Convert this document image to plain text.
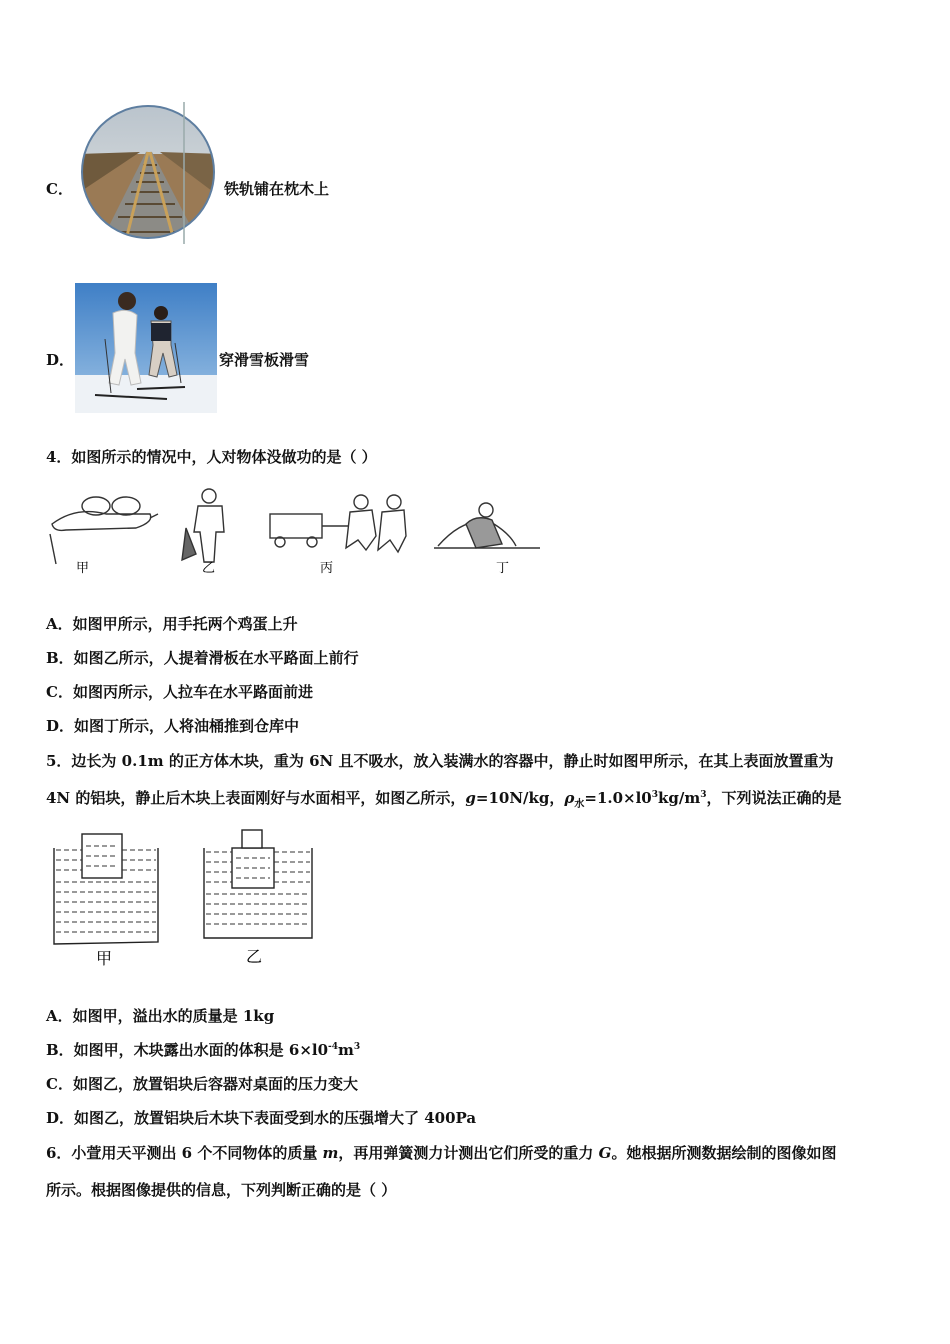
C．	铁轨铺在枕木上
D．	穿滑雪板滑雪
4．如图所示的情况中，人对物体没做功的是（ ）
甲	乙	丙	丁
A．如图甲所示，用手托两个鸡蛋上升
B．如图乙所示，人提着滑板在水平路面上前行
C．如图丙所示，人拉车在水平路面前进
D．如图丁所示，人将油桶推到仓库中
5．边长为 0.1m 的正方体木块，重为 6N 且不吸水，放入装满水的容器中，静止时如图甲所示，在其上表面放置重为
4N 的铝块，静止后木块上表面刚好与水面相平，如图乙所示，g=10N/kg，$\rho_水=1.0\times l0^3kg/m^3$，下列说法正确的是
甲	乙
A．如图甲，溢出水的质量是 1kg
B．如图甲，木块露出水面的体积是 $6\times l0^{-4}m^3$
C．如图乙，放置铝块后容器对桌面的压力变大
D．如图乙，放置铝块后木块下表面受到水的压强增大了 400Pa
6．小萱用天平测出 6 个不同物体的质量 m，再用弹簧测力计测出它们所受的重力 G。她根据所测数据绘制的图像如图
所示。根据图像提供的信息，下列判断正确的是（ ）
